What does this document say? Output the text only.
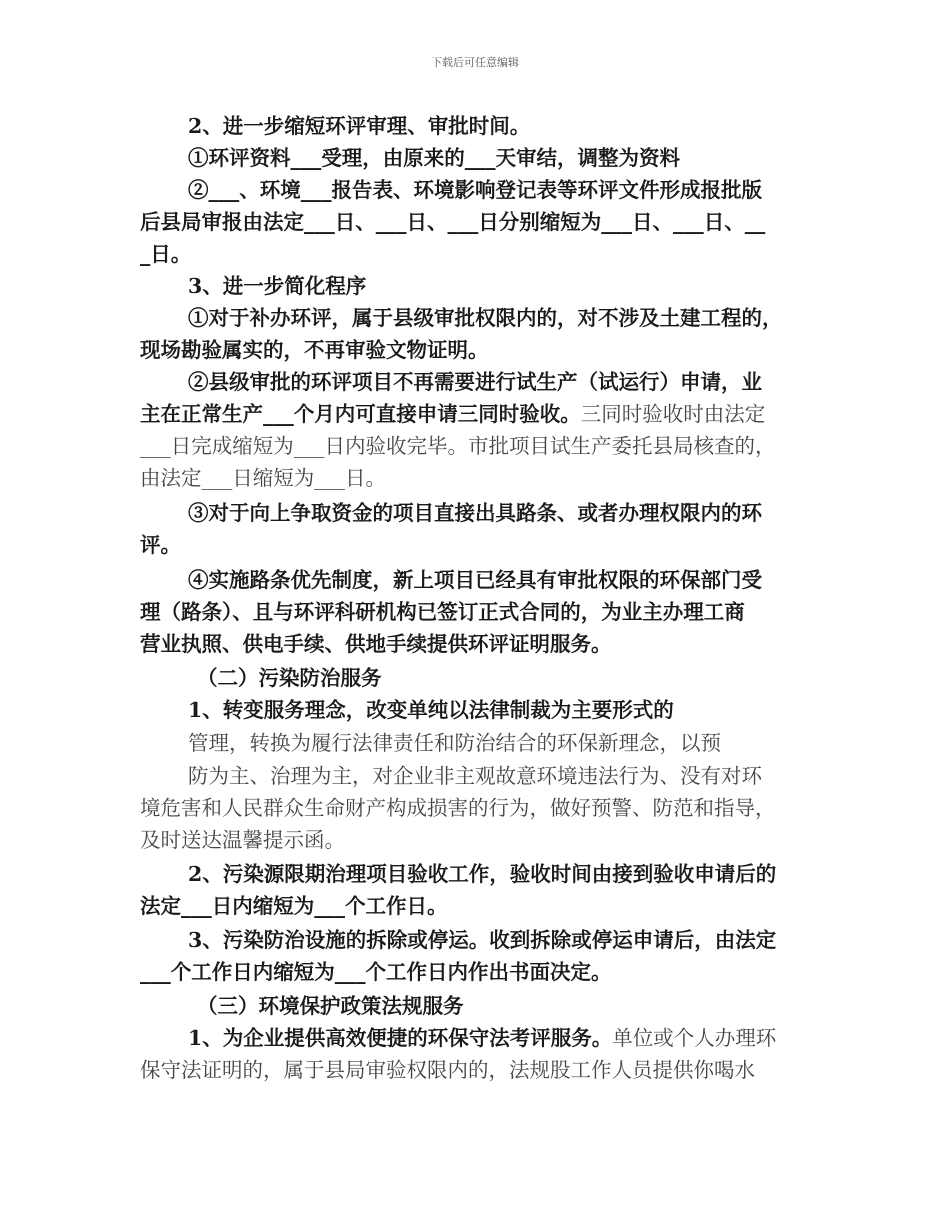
下载后可任意编辑
2、进一步缩短环评审理、审批时间。
①环评资料___受理，由原来的___天审结，调整为资料
②___、环境___报告表、环境影响登记表等环评文件形成报批版
后县局审报由法定___日、___日、___日分别缩短为___日、___日、__
_日。
3、进一步简化程序
①对于补办环评，属于县级审批权限内的，对不涉及土建工程的，
现场勘验属实的，不再审验文物证明。
②县级审批的环评项目不再需要进行试生产（试运行）申请，业
主在正常生产___个月内可直接申请三同时验收。三同时验收时由法定
___日完成缩短为___日内验收完毕。市批项目试生产委托县局核查的，
由法定___日缩短为___日。
③对于向上争取资金的项目直接出具路条、或者办理权限内的环
评。
④实施路条优先制度，新上项目已经具有审批权限的环保部门受
理（路条）、且与环评科研机构已签订正式合同的，为业主办理工商
营业执照、供电手续、供地手续提供环评证明服务。
（二）污染防治服务
1、转变服务理念，改变单纯以法律制裁为主要形式的
管理，转换为履行法律责任和防治结合的环保新理念，以预
防为主、治理为主，对企业非主观故意环境违法行为、没有对环
境危害和人民群众生命财产构成损害的行为，做好预警、防范和指导，
及时送达温馨提示函。
2、污染源限期治理项目验收工作，验收时间由接到验收申请后的
法定___日内缩短为___个工作日。
3、污染防治设施的拆除或停运。收到拆除或停运申请后，由法定
___个工作日内缩短为___个工作日内作出书面决定。
（三）环境保护政策法规服务
1、为企业提供高效便捷的环保守法考评服务。单位或个人办理环
保守法证明的，属于县局审验权限内的，法规股工作人员提供你喝水
